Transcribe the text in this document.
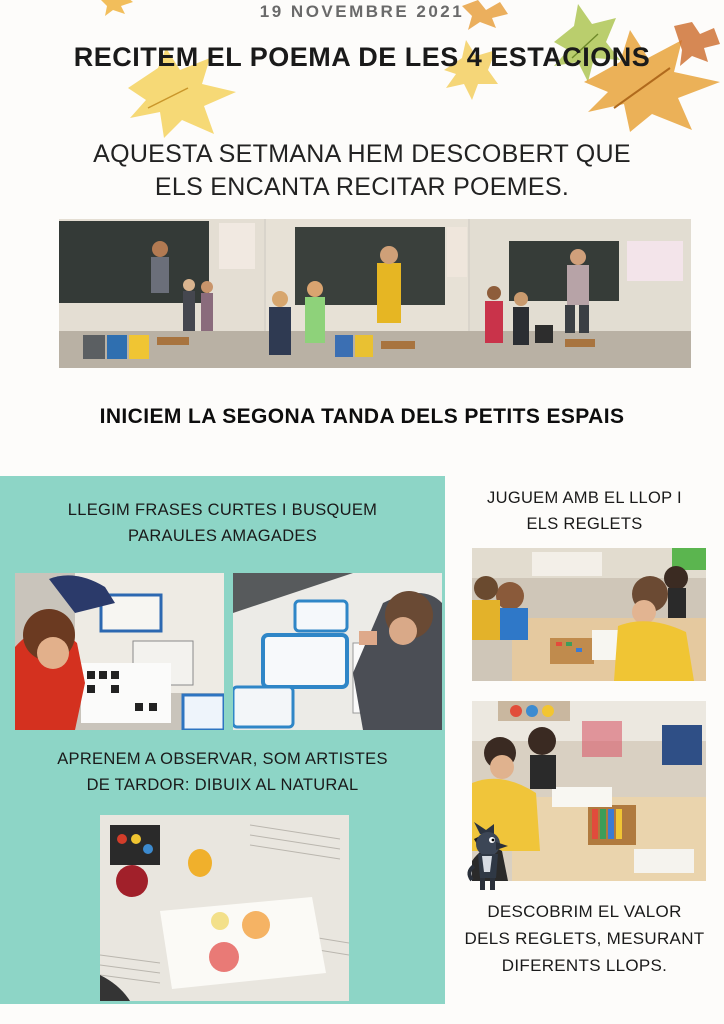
19 NOVEMBRE 2021
RECITEM EL POEMA DE LES 4 ESTACIONS
AQUESTA SETMANA HEM DESCOBERT QUE
ELS ENCANTA RECITAR POEMES.
INICIEM LA SEGONA TANDA DELS PETITS ESPAIS
LLEGIM FRASES CURTES I BUSQUEM
PARAULES AMAGADES
APRENEM A OBSERVAR, SOM ARTISTES
DE TARDOR: DIBUIX AL NATURAL
JUGUEM AMB EL LLOP I
ELS REGLETS
DESCOBRIM EL VALOR
DELS REGLETS, MESURANT
DIFERENTS LLOPS.
